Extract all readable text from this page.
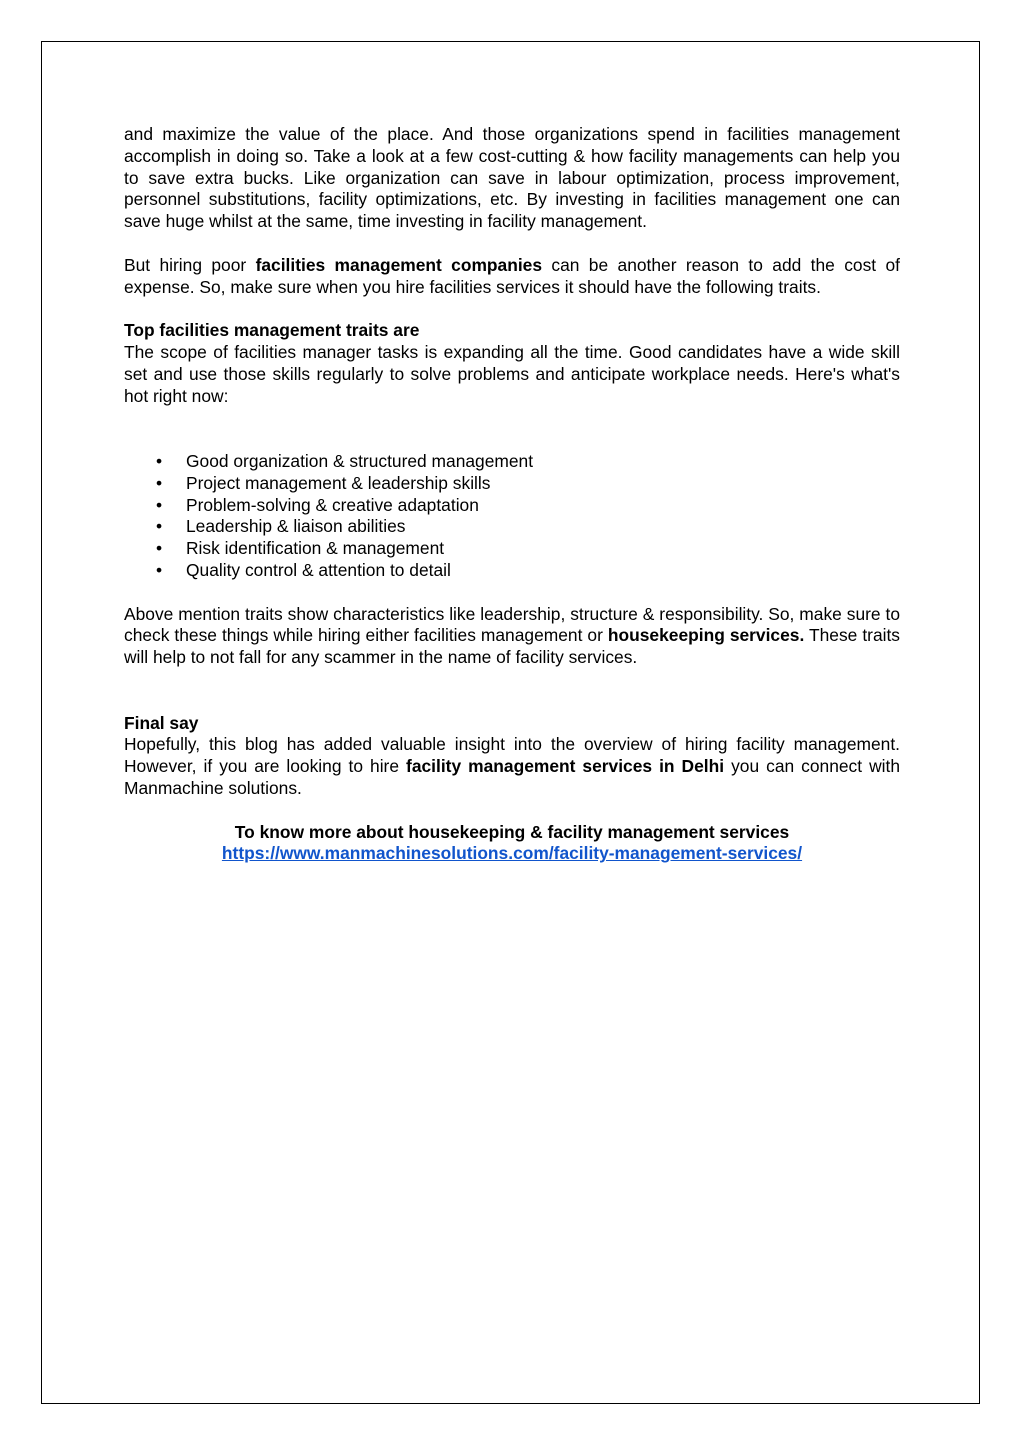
and maximize the value of the place. And those organizations spend in facilities management accomplish in doing so. Take a look at a few cost-cutting & how facility managements can help you to save extra bucks. Like organization can save in labour optimization, process improvement, personnel substitutions, facility optimizations, etc. By investing in facilities management one can save huge whilst at the same, time investing in facility management.

But hiring poor facilities management companies can be another reason to add the cost of expense. So, make sure when you hire facilities services it should have the following traits.

Top facilities management traits are

The scope of facilities manager tasks is expanding all the time. Good candidates have a wide skill set and use those skills regularly to solve problems and anticipate workplace needs. Here's what's hot right now:

• Good organization & structured management
• Project management & leadership skills
• Problem-solving & creative adaptation
• Leadership & liaison abilities
• Risk identification & management
• Quality control & attention to detail

Above mention traits show characteristics like leadership, structure & responsibility. So, make sure to check these things while hiring either facilities management or housekeeping services. These traits will help to not fall for any scammer in the name of facility services.

Final say

Hopefully, this blog has added valuable insight into the overview of hiring facility management. However, if you are looking to hire facility management services in Delhi you can connect with Manmachine solutions.

To know more about housekeeping & facility management services

https://www.manmachinesolutions.com/facility-management-services/
